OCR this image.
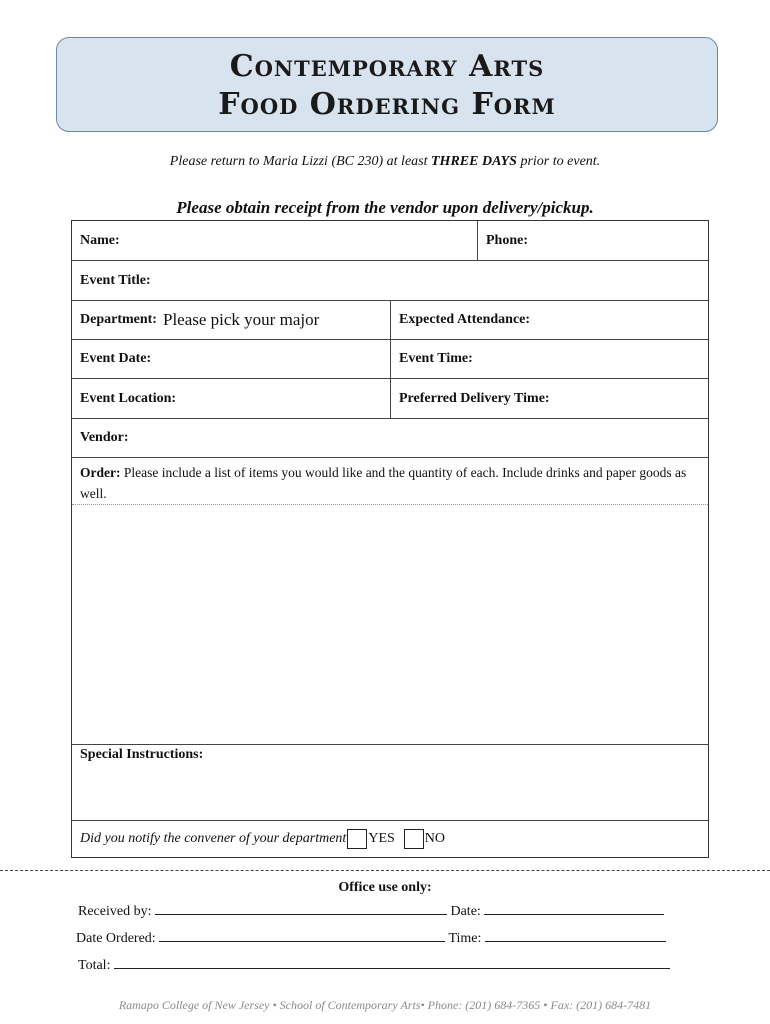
Contemporary Arts
Food Ordering Form
Please return to Maria Lizzi (BC 230) at least THREE DAYS prior to event.
Please obtain receipt from the vendor upon delivery/pickup.
Name:	Phone:
Event Title:
Department: Please pick your major	Expected Attendance:
Event Date:	Event Time:
Event Location:	Preferred Delivery Time:
Vendor:
Order: Please include a list of items you would like and the quantity of each. Include drinks and paper goods as well.
Special Instructions:
Did you notify the convener of your department YES NO
Office use only:
Received by:	Date:
Date Ordered:	Time:
Total:
Ramapo College of New Jersey • School of Contemporary Arts• Phone: (201) 684-7365 • Fax: (201) 684-7481
